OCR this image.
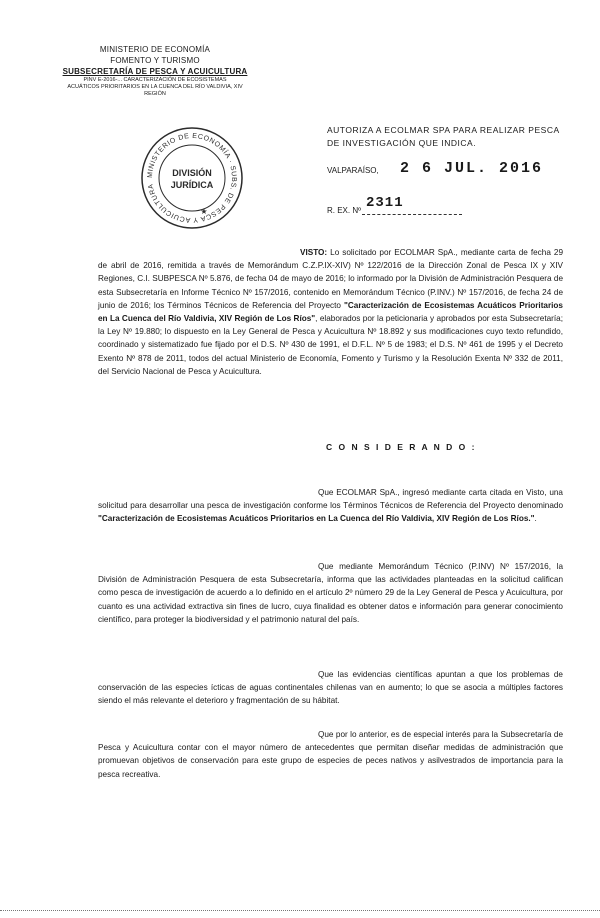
MINISTERIO DE ECONOMÍA
FOMENTO Y TURISMO
SUBSECRETARÍA DE PESCA Y ACUICULTURA
PINV E-2016-... CARACTERIZACIÓN DE ECOSISTEMAS
ACUÁTICOS PRIORITARIOS EN LA CUENCA DEL RÍO VALDIVIA, XIV
REGIÓN
MINISTERIO DE ECONOMÍA · SUBS. DE PESCA Y ACUICULTURA
DIVISIÓN
JURÍDICA
★
AUTORIZA A ECOLMAR SPA PARA REALIZAR PESCA DE INVESTIGACIÓN QUE INDICA.
VALPARAÍSO, 2 6 JUL. 2016
R. EX. Nº 2311
VISTO: Lo solicitado por ECOLMAR SpA., mediante carta de fecha 29 de abril de 2016, remitida a través de Memorándum C.Z.P.IX-XIV) Nº 122/2016 de la Dirección Zonal de Pesca IX y XIV Regiones, C.I. SUBPESCA Nº 5.876, de fecha 04 de mayo de 2016; lo informado por la División de Administración Pesquera de esta Subsecretaría en Informe Técnico Nº 157/2016, contenido en Memorándum Técnico (P.INV.) Nº 157/2016, de fecha 24 de junio de 2016; los Términos Técnicos de Referencia del Proyecto "Caracterización de Ecosistemas Acuáticos Prioritarios en La Cuenca del Río Valdivia, XIV Región de Los Ríos", elaborados por la peticionaria y aprobados por esta Subsecretaría; la Ley Nº 19.880; lo dispuesto en la Ley General de Pesca y Acuicultura Nº 18.892 y sus modificaciones cuyo texto refundido, coordinado y sistematizado fue fijado por el D.S. Nº 430 de 1991, el D.F.L. Nº 5 de 1983; el D.S. Nº 461 de 1995 y el Decreto Exento Nº 878 de 2011, todos del actual Ministerio de Economía, Fomento y Turismo y la Resolución Exenta Nº 332 de 2011, del Servicio Nacional de Pesca y Acuicultura.
C O N S I D E R A N D O :
Que ECOLMAR SpA., ingresó mediante carta citada en Visto, una solicitud para desarrollar una pesca de investigación conforme los Términos Técnicos de Referencia del Proyecto denominado "Caracterización de Ecosistemas Acuáticos Prioritarios en La Cuenca del Río Valdivia, XIV Región de Los Ríos.".
Que mediante Memorándum Técnico (P.INV) Nº 157/2016, la División de Administración Pesquera de esta Subsecretaría, informa que las actividades planteadas en la solicitud califican como pesca de investigación de acuerdo a lo definido en el artículo 2º número 29 de la Ley General de Pesca y Acuicultura, por cuanto es una actividad extractiva sin fines de lucro, cuya finalidad es obtener datos e información para generar conocimiento científico, para proteger la biodiversidad y el patrimonio natural del país.
Que las evidencias científicas apuntan a que los problemas de conservación de las especies ícticas de aguas continentales chilenas van en aumento; lo que se asocia a múltiples factores siendo el más relevante el deterioro y fragmentación de su hábitat.
Que por lo anterior, es de especial interés para la Subsecretaría de Pesca y Acuicultura contar con el mayor número de antecedentes que permitan diseñar medidas de administración que promuevan objetivos de conservación para este grupo de especies de peces nativos y asilvestrados de importancia para la pesca recreativa.
